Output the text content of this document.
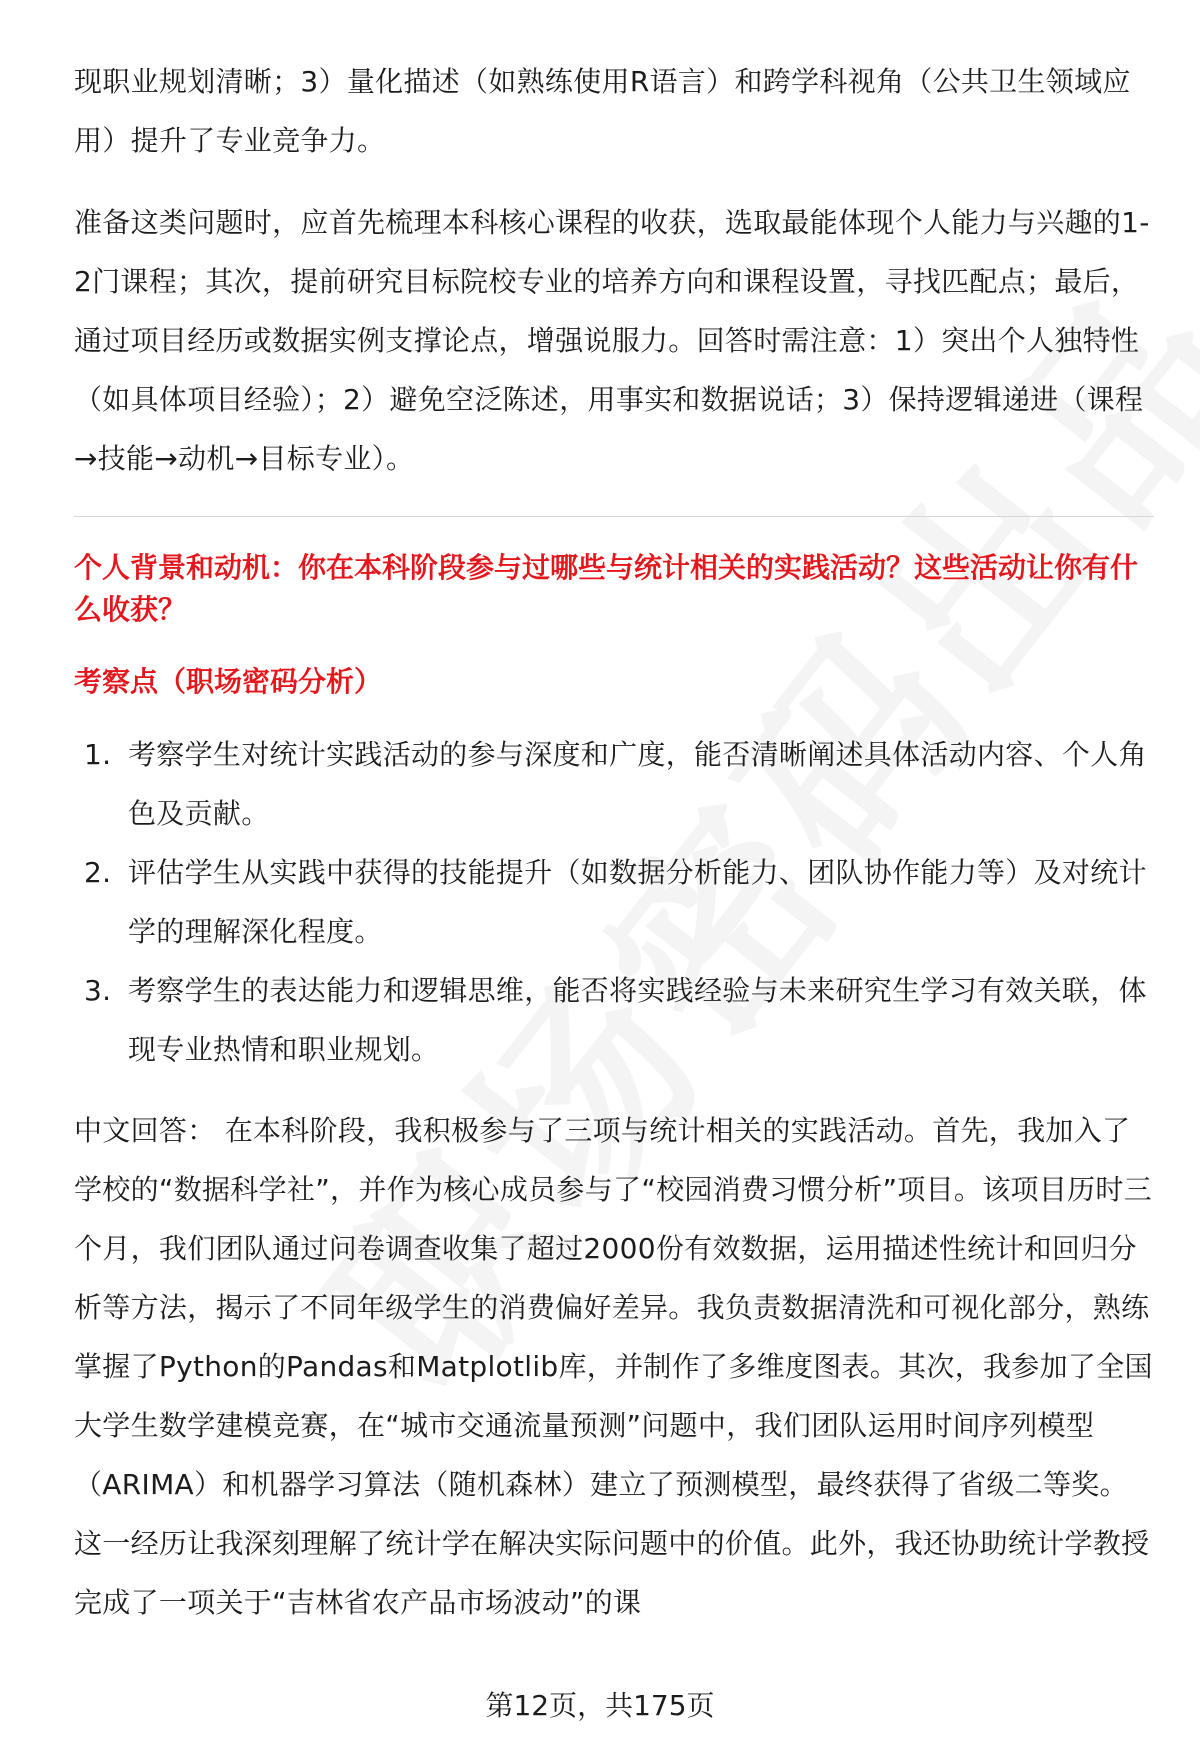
现职业规划清晰；3）量化描述（如熟练使用R语言）和跨学科视角（公共卫生领域应用）提升了专业竞争力。

准备这类问题时，应首先梳理本科核心课程的收获，选取最能体现个人能力与兴趣的1-2门课程；其次，提前研究目标院校专业的培养方向和课程设置，寻找匹配点；最后，通过项目经历或数据实例支撑论点，增强说服力。回答时需注意：1）突出个人独特性（如具体项目经验）；2）避免空泛陈述，用事实和数据说话；3）保持逻辑递进（课程→技能→动机→目标专业）。

个人背景和动机：你在本科阶段参与过哪些与统计相关的实践活动？这些活动让你有什么收获？

考察点（职场密码分析）

1. 考察学生对统计实践活动的参与深度和广度，能否清晰阐述具体活动内容、个人角色及贡献。
2. 评估学生从实践中获得的技能提升（如数据分析能力、团队协作能力等）及对统计学的理解深化程度。
3. 考察学生的表达能力和逻辑思维，能否将实践经验与未来研究生学习有效关联，体现专业热情和职业规划。

中文回答： 在本科阶段，我积极参与了三项与统计相关的实践活动。首先，我加入了学校的“数据科学社”，并作为核心成员参与了“校园消费习惯分析”项目。该项目历时三个月，我们团队通过问卷调查收集了超过2000份有效数据，运用描述性统计和回归分析等方法，揭示了不同年级学生的消费偏好差异。我负责数据清洗和可视化部分，熟练掌握了Python的Pandas和Matplotlib库，并制作了多维度图表。其次，我参加了全国大学生数学建模竞赛，在“城市交通流量预测”问题中，我们团队运用时间序列模型（ARIMA）和机器学习算法（随机森林）建立了预测模型，最终获得了省级二等奖。这一经历让我深刻理解了统计学在解决实际问题中的价值。此外，我还协助统计学教授完成了一项关于“吉林省农产品市场波动”的课

第12页，共175页
